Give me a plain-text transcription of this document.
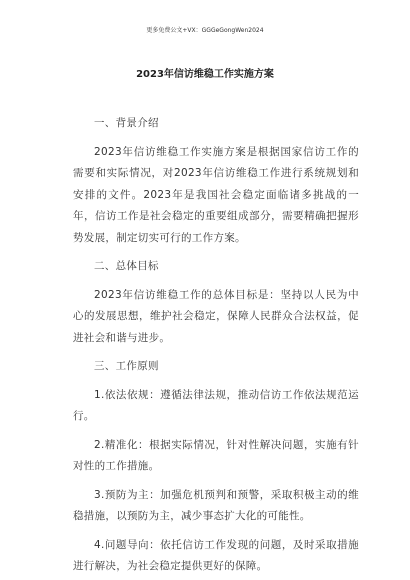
更多免费公文+VX：GGGeGongWen2024
2023年信访维稳工作实施方案

一、背景介绍

2023年信访维稳工作实施方案是根据国家信访工作的需要和实际情况，对2023年信访维稳工作进行系统规划和安排的文件。2023年是我国社会稳定面临诸多挑战的一年，信访工作是社会稳定的重要组成部分，需要精确把握形势发展，制定切实可行的工作方案。

二、总体目标

2023年信访维稳工作的总体目标是：坚持以人民为中心的发展思想，维护社会稳定，保障人民群众合法权益，促进社会和谐与进步。

三、工作原则

1.依法依规：遵循法律法规，推动信访工作依法规范运行。

2.精准化：根据实际情况，针对性解决问题，实施有针对性的工作措施。

3.预防为主：加强危机预判和预警，采取积极主动的维稳措施，以预防为主，减少事态扩大化的可能性。

4.问题导向：依托信访工作发现的问题，及时采取措施进行解决，为社会稳定提供更好的保障。
